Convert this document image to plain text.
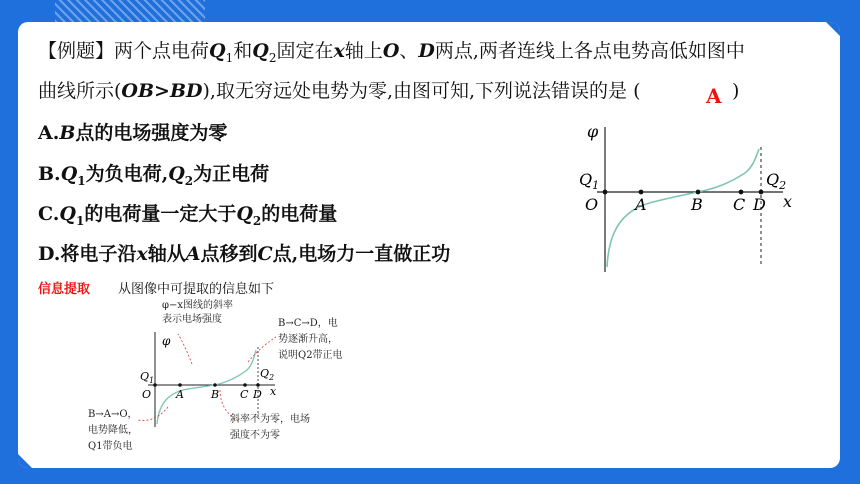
【例题】两个点电荷$Q_1$和$Q_2$固定在x轴上O、D两点,两者连线上各点电势高低如图中
曲线所示(OB>BD),取无穷远处电势为零,由图可知,下列说法错误的是 (	)
A
A.B点的电场强度为零
$B.Q_1$为负电荷$,Q_2$为正电荷
$C.Q_1$的电荷量一定大于$Q_2$的电荷量
D.将电子沿x轴从A点移到C点,电场力一直做正功
信息提取 从图像中可提取的信息如下
φ
$Q_1$	$Q_2$
O A	B C D x
φ
$Q_1$
$Q_2$
O A B C D x
φ−x图线的斜率
表示电场强度	B→C→D，电
势逐渐升高，
说明Q2带正电
B→A→O，
电势降低，
Q1带负电
斜率不为零，电场
强度不为零
